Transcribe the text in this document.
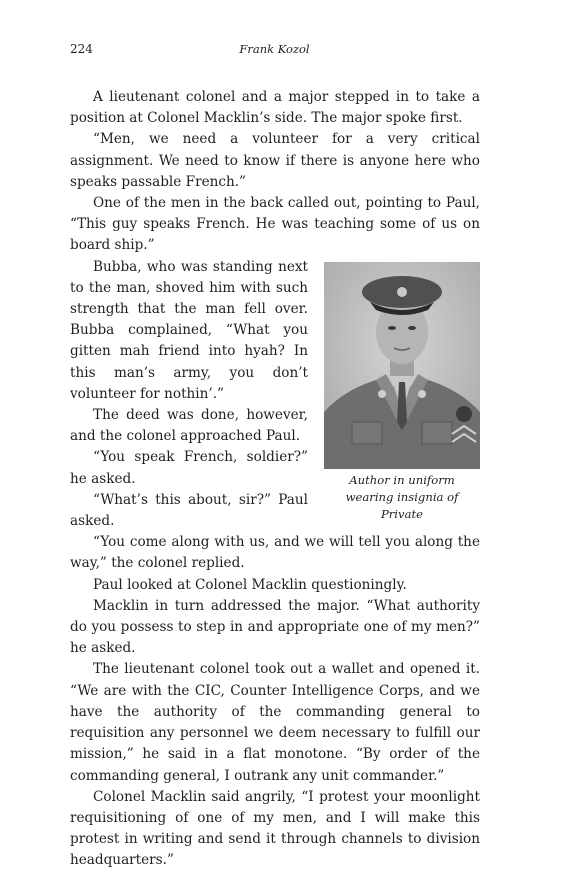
224	Frank Kozol

A lieutenant colonel and a major stepped in to take a position at Colonel Macklin’s side. The major spoke first.

“Men, we need a volunteer for a very critical assignment. We need to know if there is anyone here who speaks passable French.”

One of the men in the back called out, pointing to Paul, “This guy speaks French. He was teaching some of us on board ship.”

Author in uniform wearing insignia of Private

Bubba, who was standing next to the man, shoved him with such strength that the man fell over. Bubba complained, “What you gitten mah friend into hyah? In this man’s army, you don’t volunteer for nothin’.”

The deed was done, however, and the colonel approached Paul.

“You speak French, soldier?” he asked.

“What’s this about, sir?” Paul asked.

“You come along with us, and we will tell you along the way,” the colonel replied.

Paul looked at Colonel Macklin questioningly.

Macklin in turn addressed the major. “What authority do you possess to step in and appropriate one of my men?” he asked.

The lieutenant colonel took out a wallet and opened it. “We are with the CIC, Counter Intelligence Corps, and we have the authority of the commanding general to requisition any personnel we deem necessary to fulfill our mission,” he said in a flat monotone. “By order of the commanding general, I outrank any unit commander.”

Colonel Macklin said angrily, “I protest your moonlight requisitioning of one of my men, and I will make this protest in writing and send it through channels to division headquarters.”
